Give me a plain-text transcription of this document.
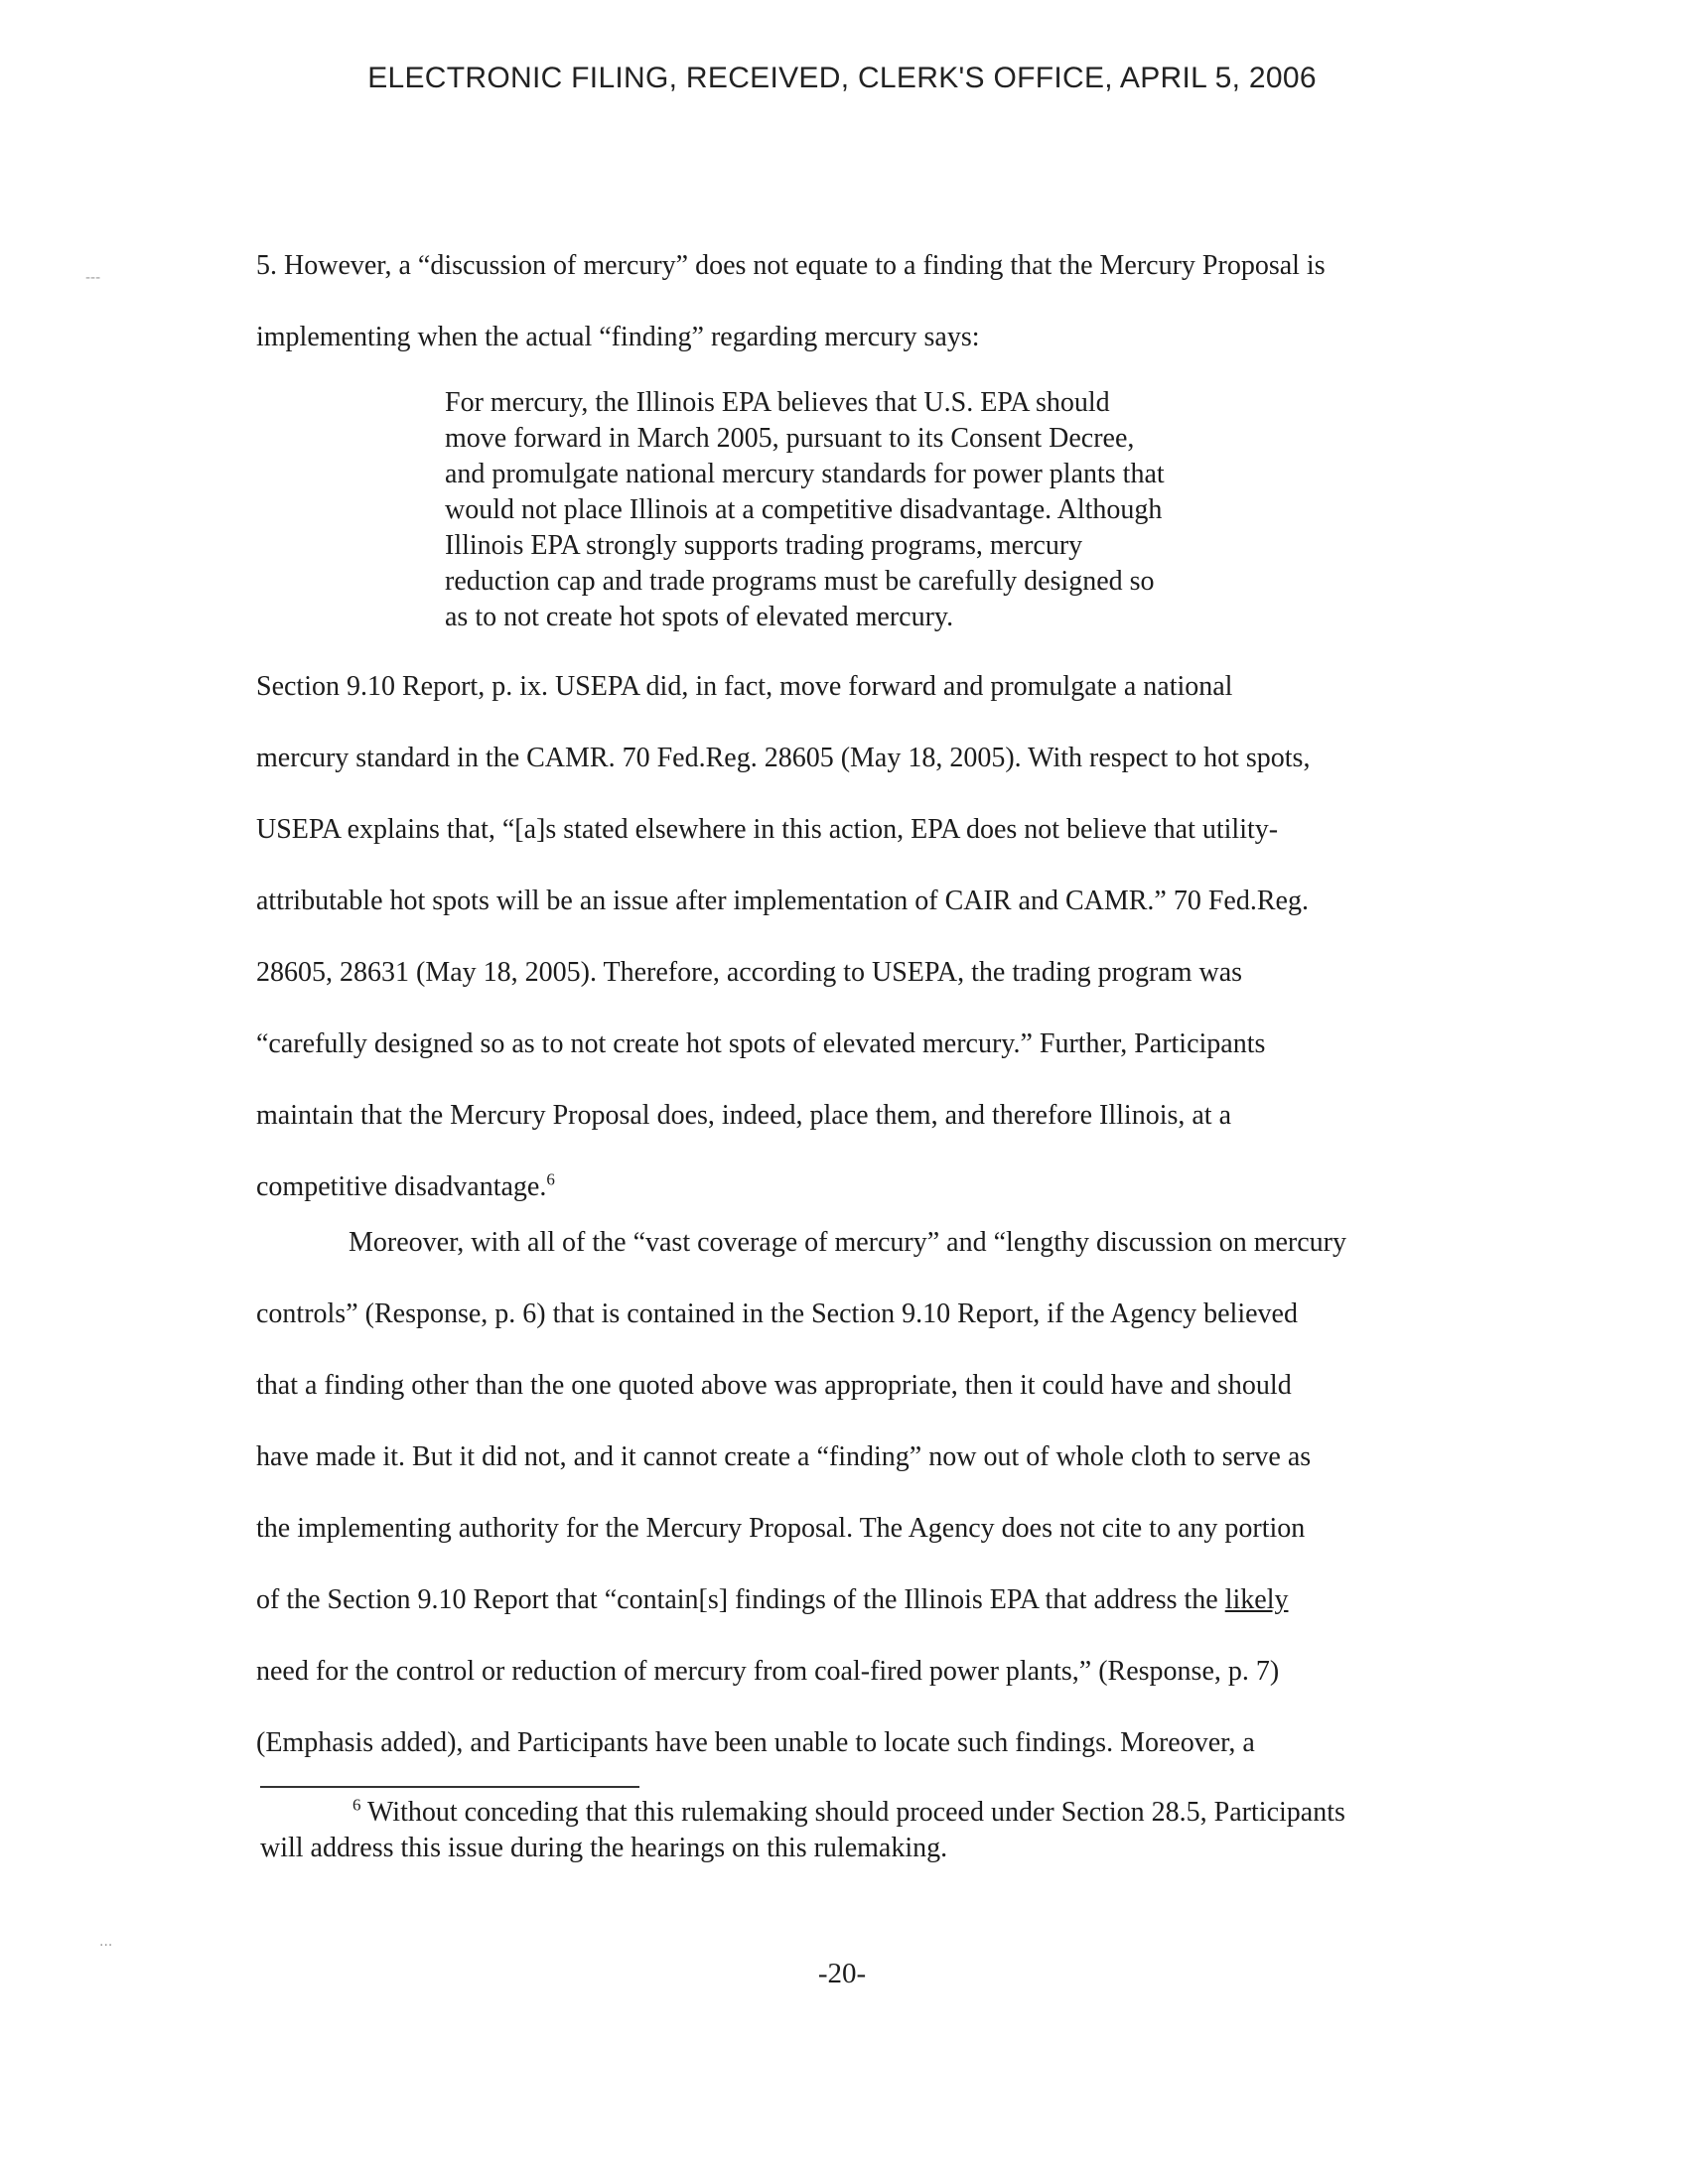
ELECTRONIC FILING, RECEIVED, CLERK'S OFFICE, APRIL 5, 2006
---	5. However, a “discussion of mercury” does not equate to a finding that the Mercury Proposal is
implementing when the actual “finding” regarding mercury says:
For mercury, the Illinois EPA believes that U.S. EPA should
move forward in March 2005, pursuant to its Consent Decree,
and promulgate national mercury standards for power plants that
would not place Illinois at a competitive disadvantage. Although
Illinois EPA strongly supports trading programs, mercury
reduction cap and trade programs must be carefully designed so
as to not create hot spots of elevated mercury.
Section 9.10 Report, p. ix. USEPA did, in fact, move forward and promulgate a national
mercury standard in the CAMR. 70 Fed.Reg. 28605 (May 18, 2005). With respect to hot spots,
USEPA explains that, “[a]s stated elsewhere in this action, EPA does not believe that utility-
attributable hot spots will be an issue after implementation of CAIR and CAMR.” 70 Fed.Reg.
28605, 28631 (May 18, 2005). Therefore, according to USEPA, the trading program was
“carefully designed so as to not create hot spots of elevated mercury.” Further, Participants
maintain that the Mercury Proposal does, indeed, place them, and therefore Illinois, at a
competitive disadvantage.$^6$
Moreover, with all of the “vast coverage of mercury” and “lengthy discussion on mercury
controls” (Response, p. 6) that is contained in the Section 9.10 Report, if the Agency believed
that a finding other than the one quoted above was appropriate, then it could have and should
have made it. But it did not, and it cannot create a “finding” now out of whole cloth to serve as
the implementing authority for the Mercury Proposal. The Agency does not cite to any portion
of the Section 9.10 Report that “contain[s] findings of the Illinois EPA that address the likely
need for the control or reduction of mercury from coal-fired power plants,” (Response, p. 7)
(Emphasis added), and Participants have been unable to locate such findings. Moreover, a
$^6$ Without conceding that this rulemaking should proceed under Section 28.5, Participants
will address this issue during the hearings on this rulemaking.
...
-20-
